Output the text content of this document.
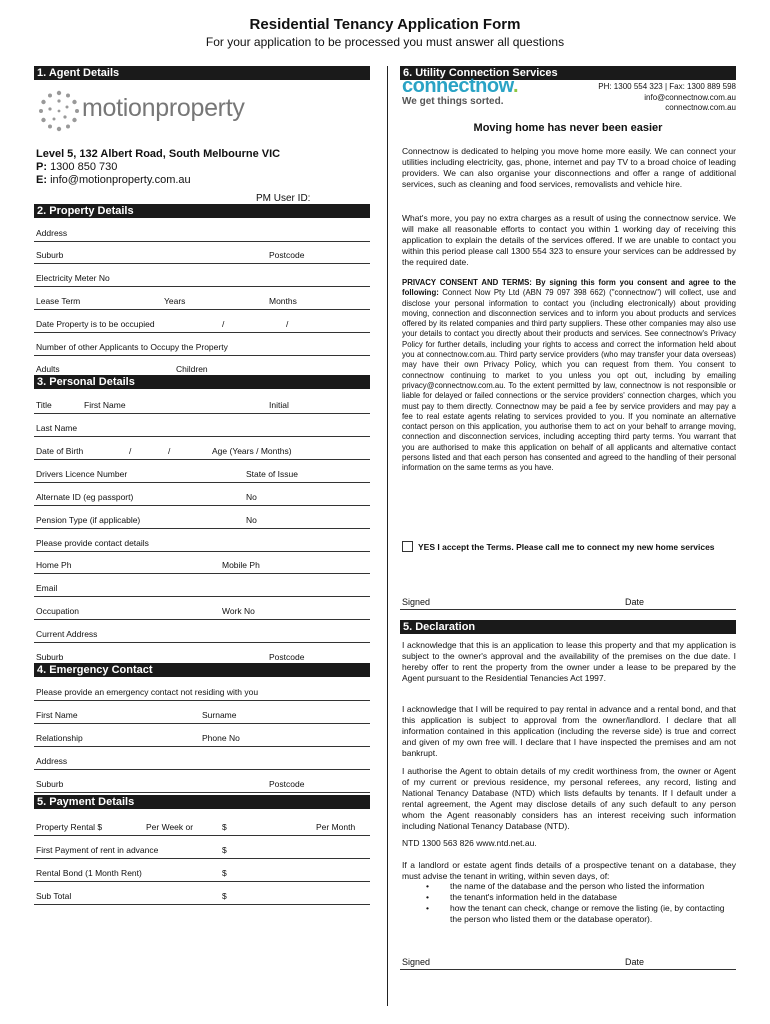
Residential Tenancy Application Form
For your application to be processed you must answer all questions
1. Agent Details
motionproperty
Level 5, 132 Albert Road, South Melbourne VIC
P: 1300 850 730
E: info@motionproperty.com.au
PM User ID:
2. Property Details
Address
Suburb	Postcode
Electricity Meter No
Lease Term	Years	Months
Date Property is to be occupied	/	/
Number of other Applicants to Occupy the Property
Adults	Children
3. Personal Details
Title	First Name	Initial
Last Name
Date of Birth	/	/	Age (Years / Months)
Drivers Licence Number	State of Issue
Alternate ID (eg passport)	No
Pension Type (if applicable)	No
Please provide contact details
Home Ph	Mobile Ph
Email
Occupation	Work No
Current Address
Suburb	Postcode
4. Emergency Contact
Please provide an emergency contact not residing with you
First Name	Surname
Relationship	Phone No
Address
Suburb	Postcode
5. Payment Details
Property Rental $	Per Week or	$	Per Month
First Payment of rent in advance	$
Rental Bond (1 Month Rent)	$
Sub Total	$
6. Utility Connection Services
connectnow.
We get things sorted.
PH: 1300 554 323 | Fax: 1300 889 598
info@connectnow.com.au
connectnow.com.au
Moving home has never been easier
Connectnow is dedicated to helping you move home more easily. We can connect your utilities including electricity, gas, phone, internet and pay TV to a broad choice of leading providers. We can also organise your disconnections and offer a range of additional services, such as cleaning and food services, removalists and vehicle hire.
What's more, you pay no extra charges as a result of using the connectnow service. We will make all reasonable efforts to contact you within 1 working day of receiving this application to explain the details of the services offered. If we are unable to contact you within this period please call 1300 554 323 to ensure your services can be addressed by the required date.
PRIVACY CONSENT AND TERMS: By signing this form you consent and agree to the following: Connect Now Pty Ltd (ABN 79 097 398 662) ("connectnow") will collect, use and disclose your personal information to contact you (including electronically) about providing moving, connection and disconnection services and to inform you about products and services offered by its related companies and third party suppliers. These other companies may also use your details to contact you directly about their products and services. See connectnow's Privacy Policy for further details, including your rights to access and correct the information held about you at connectnow.com.au. Third party service providers (who may transfer your data overseas) may have their own Privacy Policy, which you can request from them. You consent to connectnow continuing to market to you unless you opt out, including by emailing privacy@connectnow.com.au. To the extent permitted by law, connectnow is not responsible or liable for delayed or failed connections or the service providers' connection charges, which you must pay to them directly. Connectnow may be paid a fee by service providers and may pay a fee to real estate agents relating to services provided to you. If you nominate an alternative contact person on this application, you authorise them to act on your behalf to arrange moving, connection and disconnection services, including accepting third party terms. You warrant that you are authorised to make this application on behalf of all applicants and alternative contact persons listed and that each person has consented and agreed to the handling of their personal information on the same terms as you have.
YES I accept the Terms. Please call me to connect my new home services
Signed	Date
5. Declaration
I acknowledge that this is an application to lease this property and that my application is subject to the owner's approval and the availability of the premises on the due date. I hereby offer to rent the property from the owner under a lease to be prepared by the Agent pursuant to the Residential Tenancies Act 1997.
I acknowledge that I will be required to pay rental in advance and a rental bond, and that this application is subject to approval from the owner/landlord. I declare that all information contained in this application (including the reverse side) is true and correct and given of my own free will. I declare that I have inspected the premises and am not bankrupt.
I authorise the Agent to obtain details of my credit worthiness from, the owner or Agent of my current or previous residence, my personal referees, any record, listing and National Tenancy Database (NTD) which lists defaults by tenants. If I default under a rental agreement, the Agent may disclose details of any such default to any person whom the Agent reasonably considers has an interest receiving such information including National Tenancy Database (NTD).
NTD 1300 563 826 www.ntd.net.au.
If a landlord or estate agent finds details of a prospective tenant on a database, they must advise the tenant in writing, within seven days, of:
• the name of the database and the person who listed the information
• the tenant's information held in the database
• how the tenant can check, change or remove the listing (ie, by contacting the person who listed them or the database operator).
Signed	Date
